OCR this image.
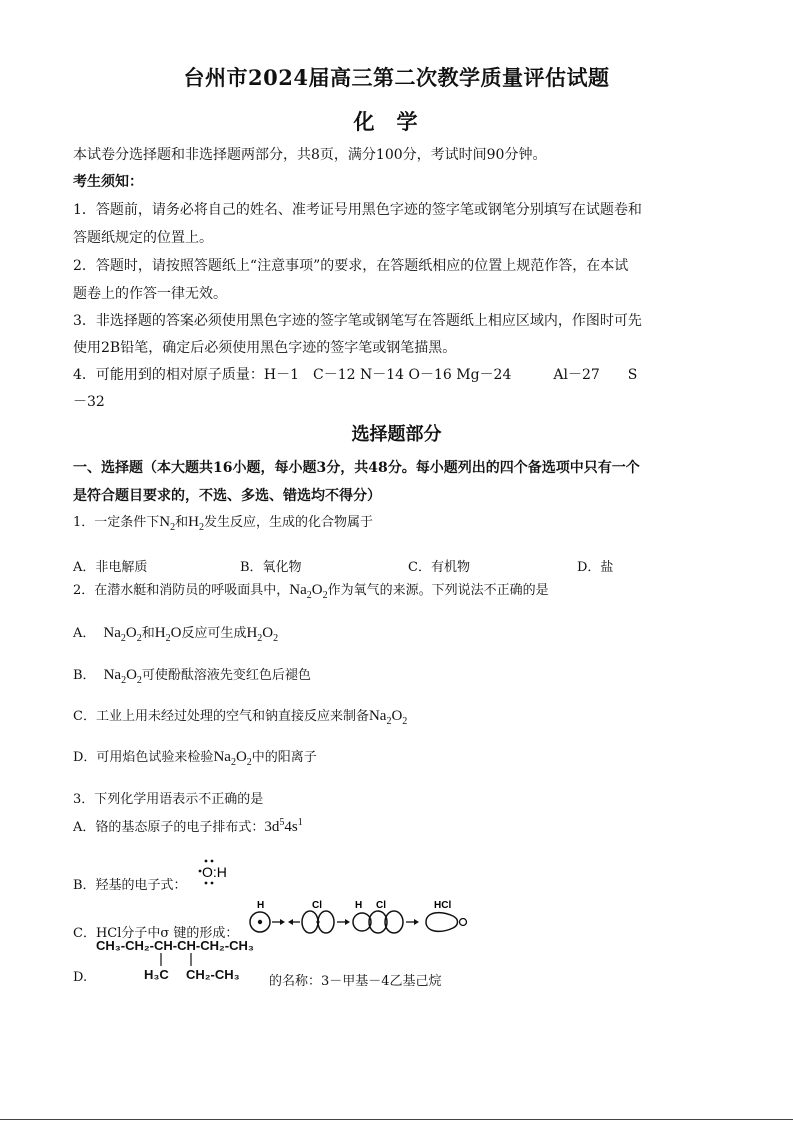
台州市2024届高三第二次教学质量评估试题
化学
本试卷分选择题和非选择题两部分，共8页，满分100分，考试时间90分钟。
考生须知：
1．答题前，请务必将自己的姓名、准考证号用黑色字迹的签字笔或钢笔分别填写在试题卷和
答题纸规定的位置上。
2．答题时，请按照答题纸上“注意事项”的要求，在答题纸相应的位置上规范作答，在本试
题卷上的作答一律无效。
3．非选择题的答案必须使用黑色字迹的签字笔或钢笔写在答题纸上相应区域内，作图时可先
使用2B铅笔，确定后必须使用黑色字迹的签字笔或钢笔描黑。
4．可能用到的相对原子质量：H－1　C－12 N－14 O－16 Mg－24　　　Al－27　　S
－32
选择题部分
一、选择题（本大题共16小题，每小题3分，共48分。每小题列出的四个备选项中只有一个
是符合题目要求的，不选、多选、错选均不得分）
1．一定条件下$N_2$和$H_2$发生反应，生成的化合物属于
A．非电解质	B．氧化物	C．有机物	D．盐
2．在潜水艇和消防员的呼吸面具中，$Na_2O_2$作为氧气的来源。下列说法不正确的是
A． $Na_2O_2$和$H_2O$反应可生成$H_2O_2$
B． $Na_2O_2$可使酚酞溶液先变红色后褪色
C．工业上用未经过处理的空气和钠直接反应来制备$Na_2O_2$
D．可用焰色试验来检验$Na_2O_2$中的阳离子
3．下列化学用语表示不正确的是
A．铬的基态原子的电子排布式：$3d^54s^1$
B．羟基的电子式：
O:H
C．HCl分子中σ 键的形成：
H	Cl	H Cl	HCl
D.
CH₃-CH₂-CH-CH-CH₂-CH₃
H₃C CH₂-CH₃ 的名称：3－甲基－4乙基己烷
